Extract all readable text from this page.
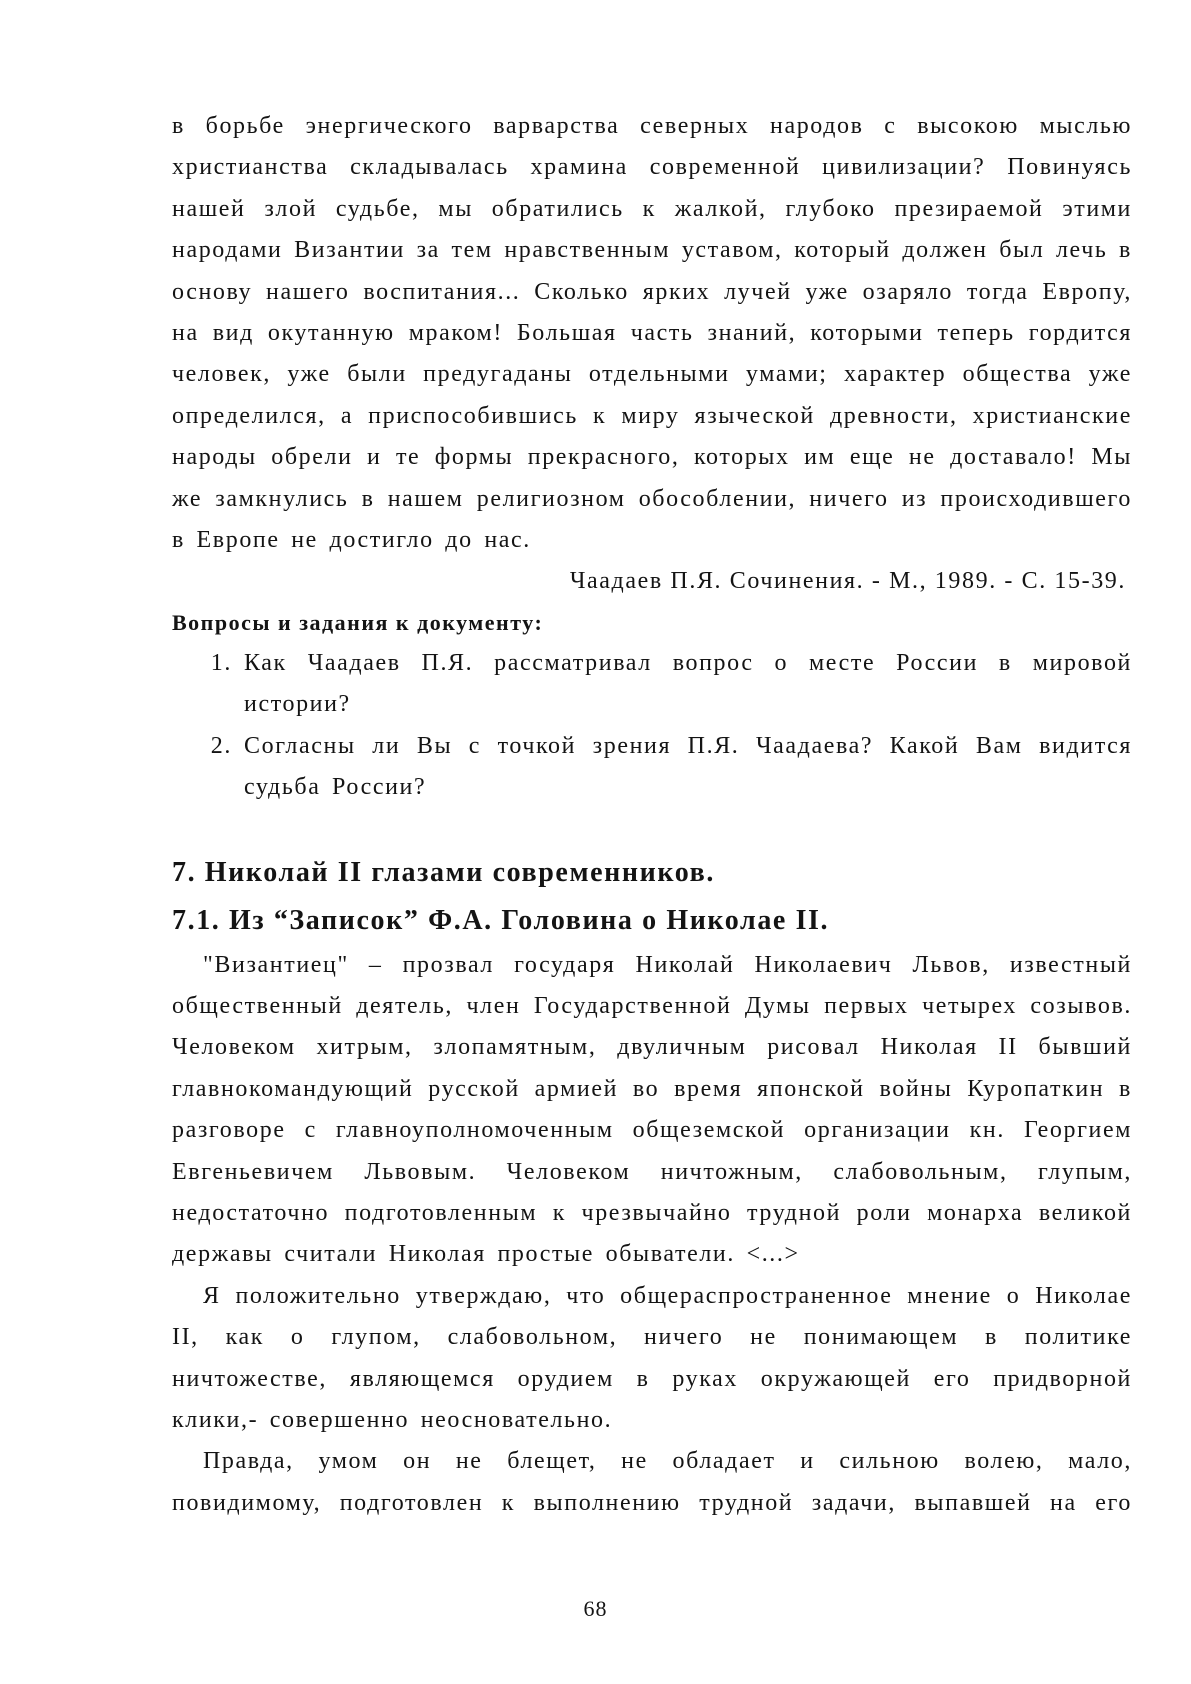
в борьбе энергического варварства северных народов с высокою мыслью христианства складывалась храмина современной цивилизации? Повинуясь нашей злой судьбе, мы обратились к жалкой, глубоко презираемой этими народами Византии за тем нравственным уставом, который должен был лечь в основу нашего воспитания... Сколько ярких лучей уже озаряло тогда Европу, на вид окутанную мраком! Большая часть знаний, которыми теперь гордится человек, уже были предугаданы отдельными умами; характер общества уже определился, а приспособившись к миру языческой древности, христианские народы обрели и те формы прекрасного, которых им еще не доставало! Мы же замкнулись в нашем религиозном обособлении, ничего из происходившего в Европе не достигло до нас.

Чаадаев П.Я. Сочинения. - М., 1989. - С. 15-39.

Вопросы и задания к документу:

1. Как Чаадаев П.Я. рассматривал вопрос о месте России в мировой истории?
2. Согласны ли Вы с точкой зрения П.Я. Чаадаева? Какой Вам видится судьба России?
7. Николай II глазами современников.
7.1. Из “Записок” Ф.А. Головина о Николае II.

"Византиец" – прозвал государя Николай Николаевич Львов, известный общественный деятель, член Государственной Думы первых четырех созывов. Человеком хитрым, злопамятным, двуличным рисовал Николая II бывший главнокомандующий русской армией во время японской войны Куропаткин в разговоре с главноуполномоченным общеземской организации кн. Георгием Евгеньевичем Львовым. Человеком ничтожным, слабовольным, глупым, недостаточно подготовленным к чрезвычайно трудной роли монарха великой державы считали Николая простые обыватели. <...>

Я положительно утверждаю, что общераспространенное мнение о Николае II, как о глупом, слабовольном, ничего не понимающем в политике ничтожестве, являющемся орудием в руках окружающей его придворной клики,- совершенно неосновательно.

Правда, умом он не блещет, не обладает и сильною волею, мало, повидимому, подготовлен к выполнению трудной задачи, выпавшей на его

68
